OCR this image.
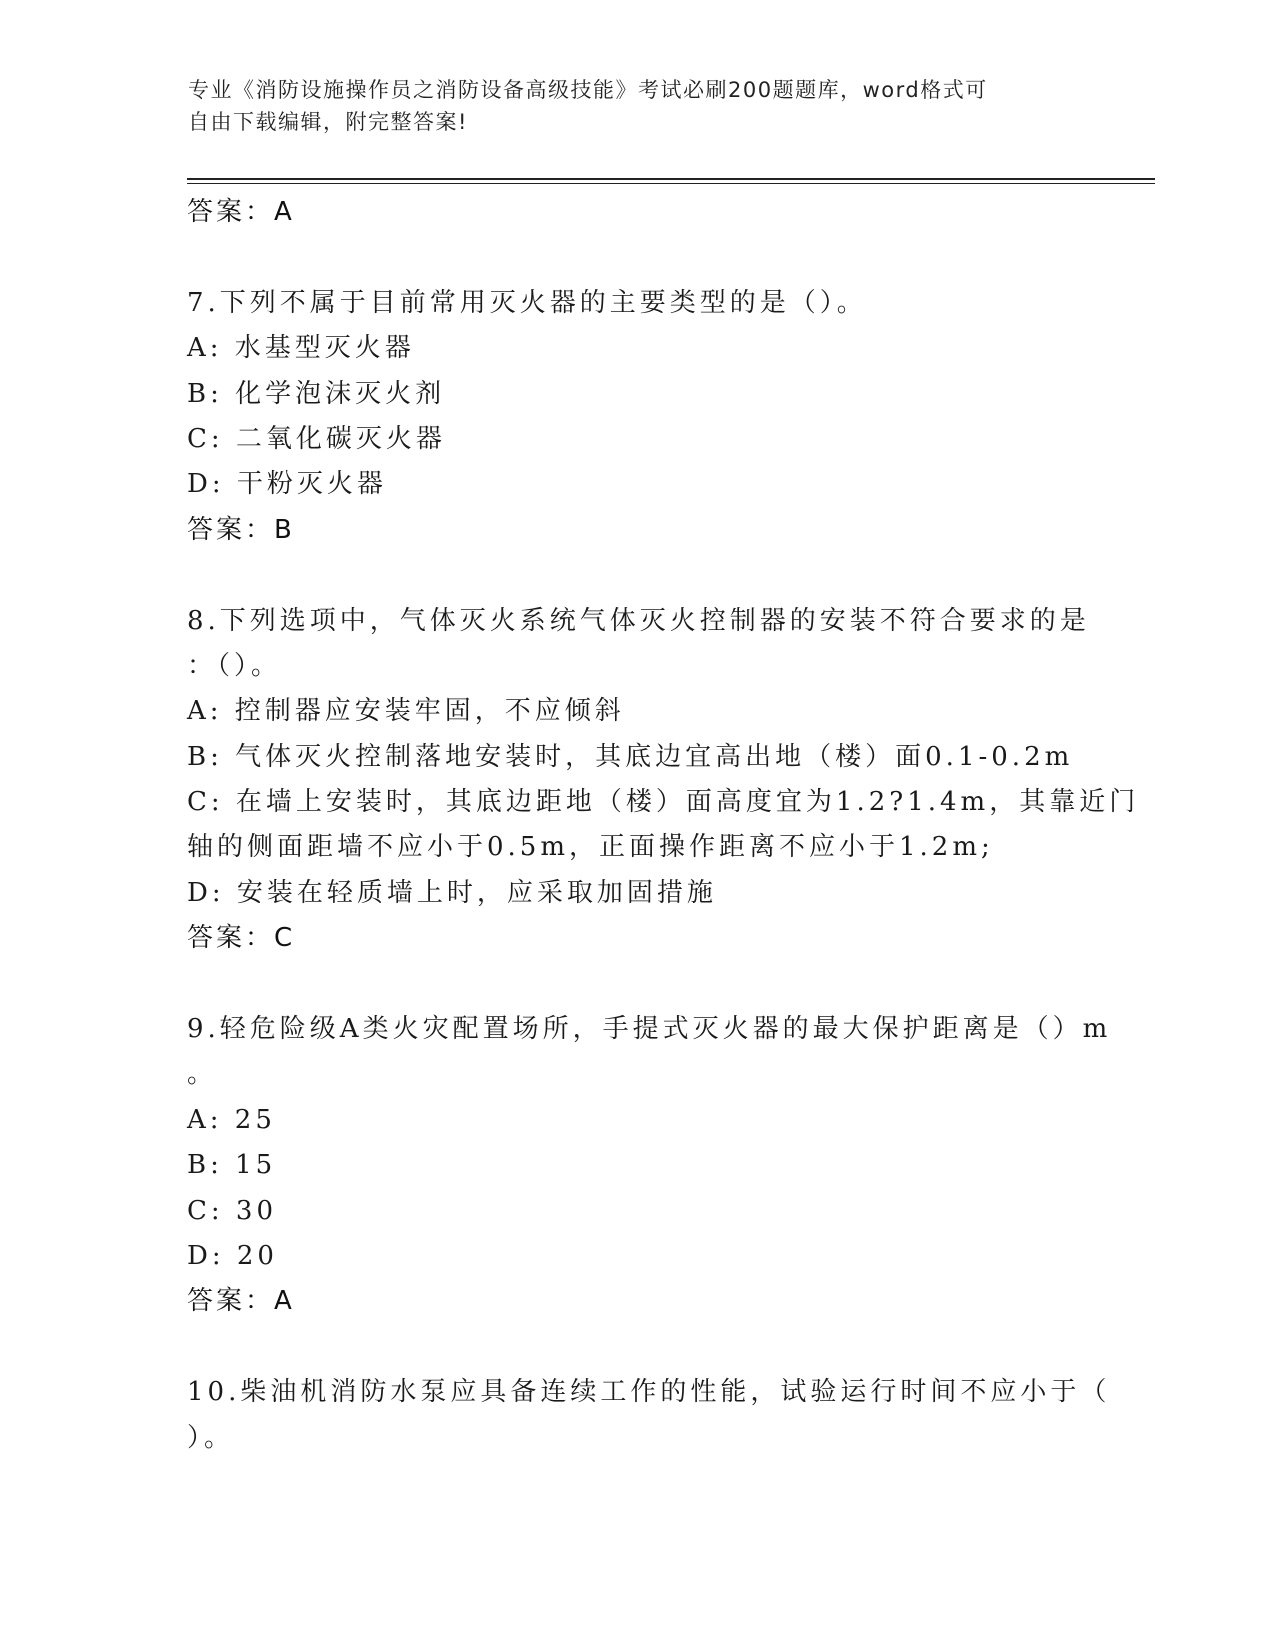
专业《消防设施操作员之消防设备高级技能》考试必刷200题题库，word格式可
自由下载编辑，附完整答案!
答案：A
7.下列不属于目前常用灭火器的主要类型的是（）。
A: 水基型灭火器
B: 化学泡沫灭火剂
C: 二氧化碳灭火器
D: 干粉灭火器
答案：B
8.下列选项中，气体灭火系统气体灭火控制器的安装不符合要求的是
：（）。
A: 控制器应安装牢固，不应倾斜
B: 气体灭火控制落地安装时，其底边宜高出地（楼）面0.1-0.2m
C: 在墙上安装时，其底边距地（楼）面高度宜为1.2?1.4m，其靠近门
轴的侧面距墙不应小于0.5m，正面操作距离不应小于1.2m;
D: 安装在轻质墙上时，应采取加固措施
答案：C
9.轻危险级A类火灾配置场所，手提式灭火器的最大保护距离是（）m
。
A: 25
B: 15
C: 30
D: 20
答案：A
10.柴油机消防水泵应具备连续工作的性能，试验运行时间不应小于（
）。
